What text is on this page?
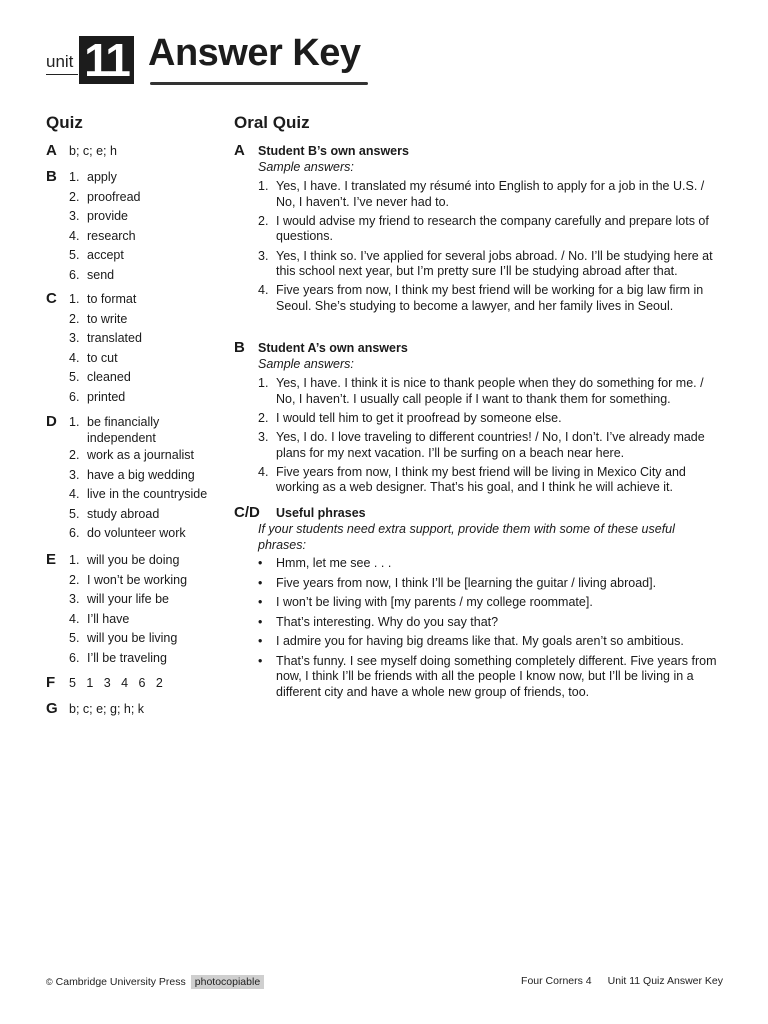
unit 11 Answer Key
Quiz	Oral Quiz
A b; c; e; h
B 1. apply
2. proofread
3. provide
4. research
5. accept
6. send
C 1. to format
2. to write
3. translated
4. to cut
5. cleaned
6. printed
D 1. be financially independent
2. work as a journalist
3. have a big wedding
4. live in the countryside
5. study abroad
6. do volunteer work
E 1. will you be doing
2. I won’t be working
3. will your life be
4. I’ll have
5. will you be living
6. I’ll be traveling
F 5   1   3   4   6   2
G b; c; e; g; h; k
A Student B’s own answers
Sample answers:
1. Yes, I have. I translated my résumé into English to apply for a job in the U.S. / No, I haven’t. I’ve never had to.
2. I would advise my friend to research the company carefully and prepare lots of questions.
3. Yes, I think so. I’ve applied for several jobs abroad. / No. I’ll be studying here at this school next year, but I’m pretty sure I’ll be studying abroad after that.
4. Five years from now, I think my best friend will be working for a big law firm in Seoul. She’s studying to become a lawyer, and her family lives in Seoul.
B Student A’s own answers
Sample answers:
1. Yes, I have. I think it is nice to thank people when they do something for me. / No, I haven’t. I usually call people if I want to thank them for something.
2. I would tell him to get it proofread by someone else.
3. Yes, I do. I love traveling to different countries! / No, I don’t. I’ve already made plans for my next vacation. I’ll be surfing on a beach near here.
4. Five years from now, I think my best friend will be living in Mexico City and working as a web designer. That’s his goal, and I think he will achieve it.
C/D Useful phrases
If your students need extra support, provide them with some of these useful phrases:
•	Hmm, let me see . . .
•	Five years from now, I think I’ll be [learning the guitar / living abroad].
•	I won’t be living with [my parents / my college roommate].
•	That’s interesting. Why do you say that?
•	I admire you for having big dreams like that. My goals aren’t so ambitious.
•	That’s funny. I see myself doing something completely different. Five years from now, I think I’ll be friends with all the people I know now, but I’ll be living in a different city and have a whole new group of friends, too.
© Cambridge University Press photocopiable	Four Corners 4 Unit 11 Quiz Answer Key
